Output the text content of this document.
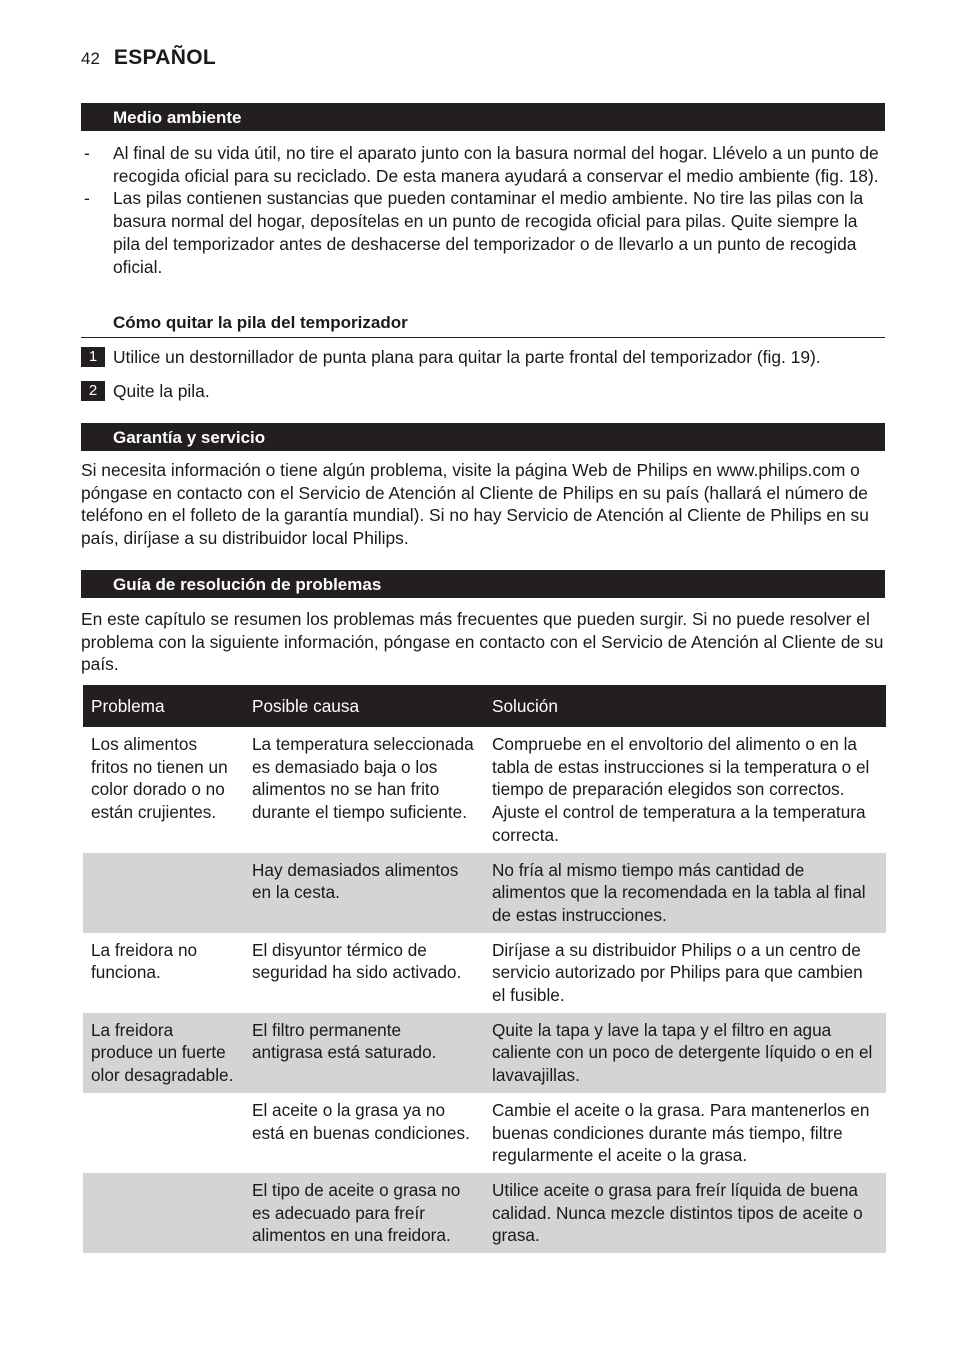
42 ESPAÑOL
Medio ambiente
- Al final de su vida útil, no tire el aparato junto con la basura normal del hogar. Llévelo a un punto de recogida oficial para su reciclado. De esta manera ayudará a conservar el medio ambiente (fig. 18).
- Las pilas contienen sustancias que pueden contaminar el medio ambiente. No tire las pilas con la basura normal del hogar, deposítelas en un punto de recogida oficial para pilas. Quite siempre la pila del temporizador antes de deshacerse del temporizador o de llevarlo a un punto de recogida oficial.
Cómo quitar la pila del temporizador
1 Utilice un destornillador de punta plana para quitar la parte frontal del temporizador (fig. 19).
2 Quite la pila.
Garantía y servicio

Si necesita información o tiene algún problema, visite la página Web de Philips en www.philips.com o póngase en contacto con el Servicio de Atención al Cliente de Philips en su país (hallará el número de teléfono en el folleto de la garantía mundial). Si no hay Servicio de Atención al Cliente de Philips en su país, diríjase a su distribuidor local Philips.

Guía de resolución de problemas

En este capítulo se resumen los problemas más frecuentes que pueden surgir. Si no puede resolver el problema con la siguiente información, póngase en contacto con el Servicio de Atención al Cliente de su país.

Problema	Posible causa	Solución
Los alimentos fritos no tienen un color dorado o no están crujientes.	La temperatura seleccionada es demasiado baja o los alimentos no se han frito durante el tiempo suficiente.	Compruebe en el envoltorio del alimento o en la tabla de estas instrucciones si la temperatura o el tiempo de preparación elegidos son correctos. Ajuste el control de temperatura a la temperatura correcta.
	Hay demasiados alimentos en la cesta.	No fría al mismo tiempo más cantidad de alimentos que la recomendada en la tabla al final de estas instrucciones.
La freidora no funciona.	El disyuntor térmico de seguridad ha sido activado.	Diríjase a su distribuidor Philips o a un centro de servicio autorizado por Philips para que cambien el fusible.
La freidora produce un fuerte olor desagradable.	El filtro permanente antigrasa está saturado.	Quite la tapa y lave la tapa y el filtro en agua caliente con un poco de detergente líquido o en el lavavajillas.
	El aceite o la grasa ya no está en buenas condiciones.	Cambie el aceite o la grasa. Para mantenerlos en buenas condiciones durante más tiempo, filtre regularmente el aceite o la grasa.
	El tipo de aceite o grasa no es adecuado para freír alimentos en una freidora.	Utilice aceite o grasa para freír líquida de buena calidad. Nunca mezcle distintos tipos de aceite o grasa.
